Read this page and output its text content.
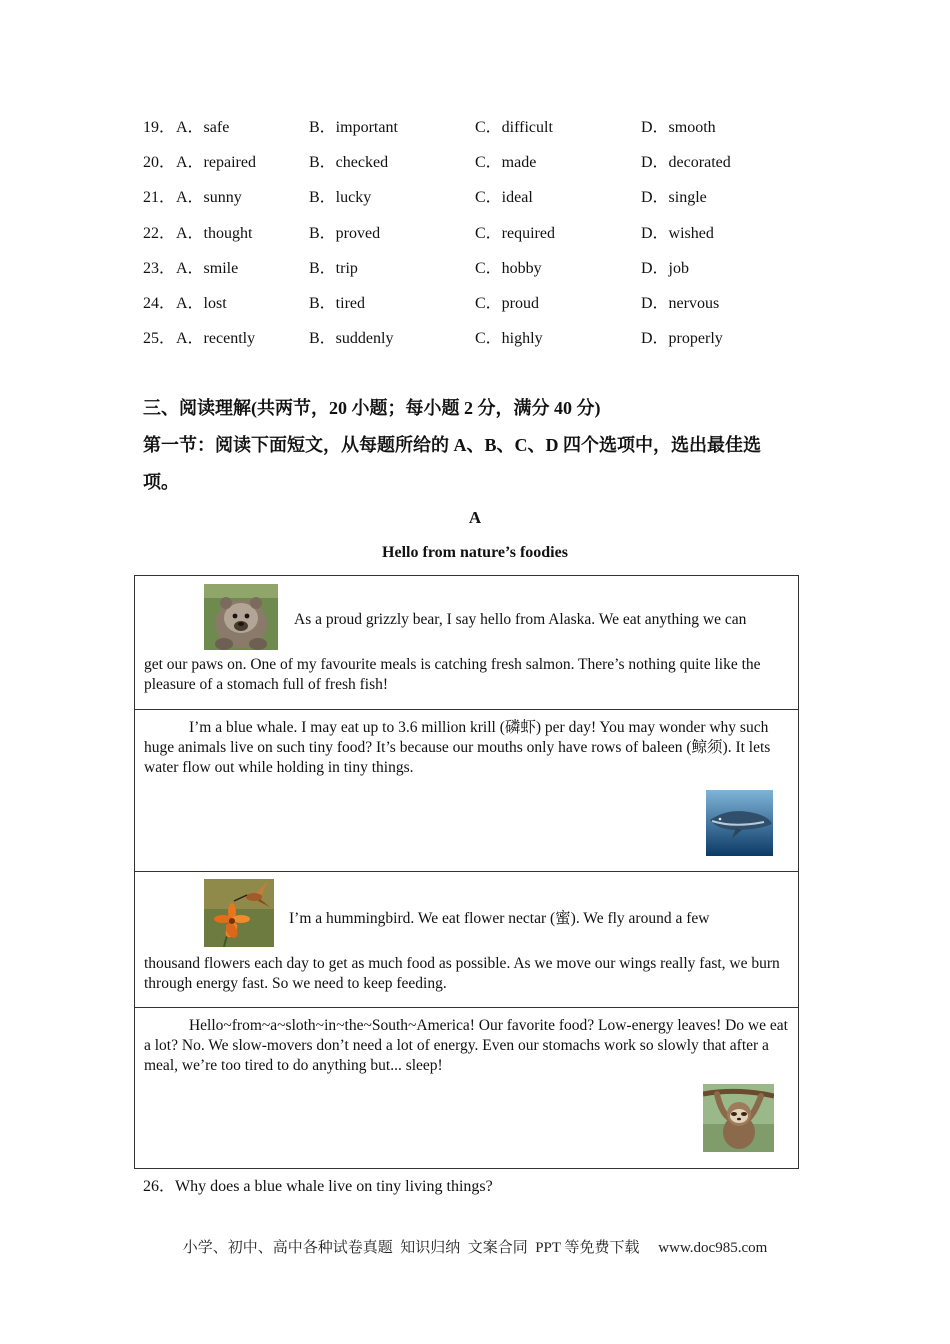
19． A．safe	B．important	C．difficult	D．smooth
20． A．repaired	B．checked	C．made	D．decorated
21． A．sunny	B．lucky	C．ideal	D．single
22． A．thought	B．proved	C．required	D．wished
23． A．smile	B．trip	C．hobby	D．job
24． A．lost	B．tired	C．proud	D．nervous
25． A．recently	B．suddenly	C．highly	D．properly
三、阅读理解(共两节，20 小题；每小题 2 分，满分 40 分)
第一节：阅读下面短文，从每题所给的 A、B、C、D 四个选项中，选出最佳选
项。
A
Hello from nature’s foodies
As a proud grizzly bear, I say hello from Alaska. We eat anything we can
get our paws on. One of my favourite meals is catching fresh salmon. There’s nothing quite like the pleasure of a stomach full of fresh fish!
I’m a blue whale. I may eat up to 3.6 million krill (磷虾) per day! You may wonder why such huge animals live on such tiny food? It’s because our mouths only have rows of baleen (鲸须). It lets water flow out while holding in tiny things.
I’m a hummingbird. We eat flower nectar (蜜). We fly around a few
thousand flowers each day to get as much food as possible. As we move our wings really fast, we burn through energy fast. So we need to keep feeding.
Hello~from~a~sloth~in~the~South~America! Our favorite food? Low-energy leaves! Do we eat a lot? No. We slow-movers don’t need a lot of energy. Even our stomachs work so slowly that after a meal, we’re too tired to do anything but... sleep!
26．Why does a blue whale live on tiny living things?
小学、初中、高中各种试卷真题  知识归纳  文案合同  PPT 等免费下载     www.doc985.com
